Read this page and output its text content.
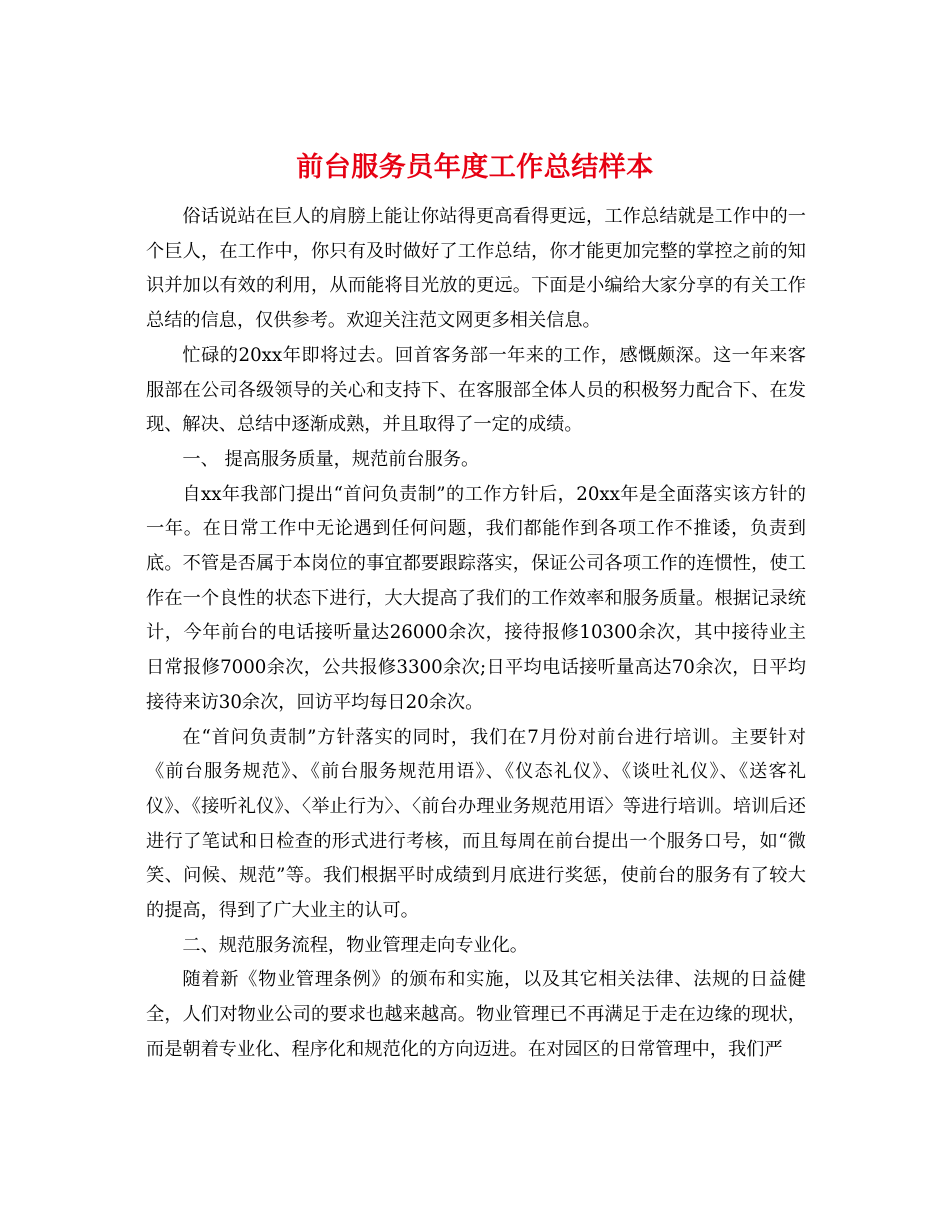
前台服务员年度工作总结样本

俗话说站在巨人的肩膀上能让你站得更高看得更远，工作总结就是工作中的一个巨人，在工作中，你只有及时做好了工作总结，你才能更加完整的掌控之前的知识并加以有效的利用，从而能将目光放的更远。下面是小编给大家分享的有关工作总结的信息，仅供参考。欢迎关注范文网更多相关信息。

忙碌的20xx年即将过去。回首客务部一年来的工作，感慨颇深。这一年来客服部在公司各级领导的关心和支持下、在客服部全体人员的积极努力配合下、在发现、解决、总结中逐渐成熟，并且取得了一定的成绩。

一、 提高服务质量，规范前台服务。

自xx年我部门提出“首问负责制”的工作方针后，20xx年是全面落实该方针的一年。在日常工作中无论遇到任何问题，我们都能作到各项工作不推诿，负责到底。不管是否属于本岗位的事宜都要跟踪落实，保证公司各项工作的连惯性，使工作在一个良性的状态下进行，大大提高了我们的工作效率和服务质量。根据记录统计，今年前台的电话接听量达26000余次，接待报修10300余次，其中接待业主日常报修7000余次，公共报修3300余次;日平均电话接听量高达70余次，日平均接待来访30余次，回访平均每日20余次。

在“首问负责制”方针落实的同时，我们在7月份对前台进行培训。主要针对《前台服务规范》、《前台服务规范用语》、《仪态礼仪》、《谈吐礼仪》、《送客礼仪》、《接听礼仪》、〈举止行为〉、〈前台办理业务规范用语〉等进行培训。培训后还进行了笔试和日检查的形式进行考核，而且每周在前台提出一个服务口号，如“微笑、问候、规范”等。我们根据平时成绩到月底进行奖惩，使前台的服务有了较大的提高，得到了广大业主的认可。

二、规范服务流程，物业管理走向专业化。

随着新《物业管理条例》的颁布和实施，以及其它相关法律、法规的日益健全，人们对物业公司的要求也越来越高。物业管理已不再满足于走在边缘的现状，而是朝着专业化、程序化和规范化的方向迈进。在对园区的日常管理中，我们严
